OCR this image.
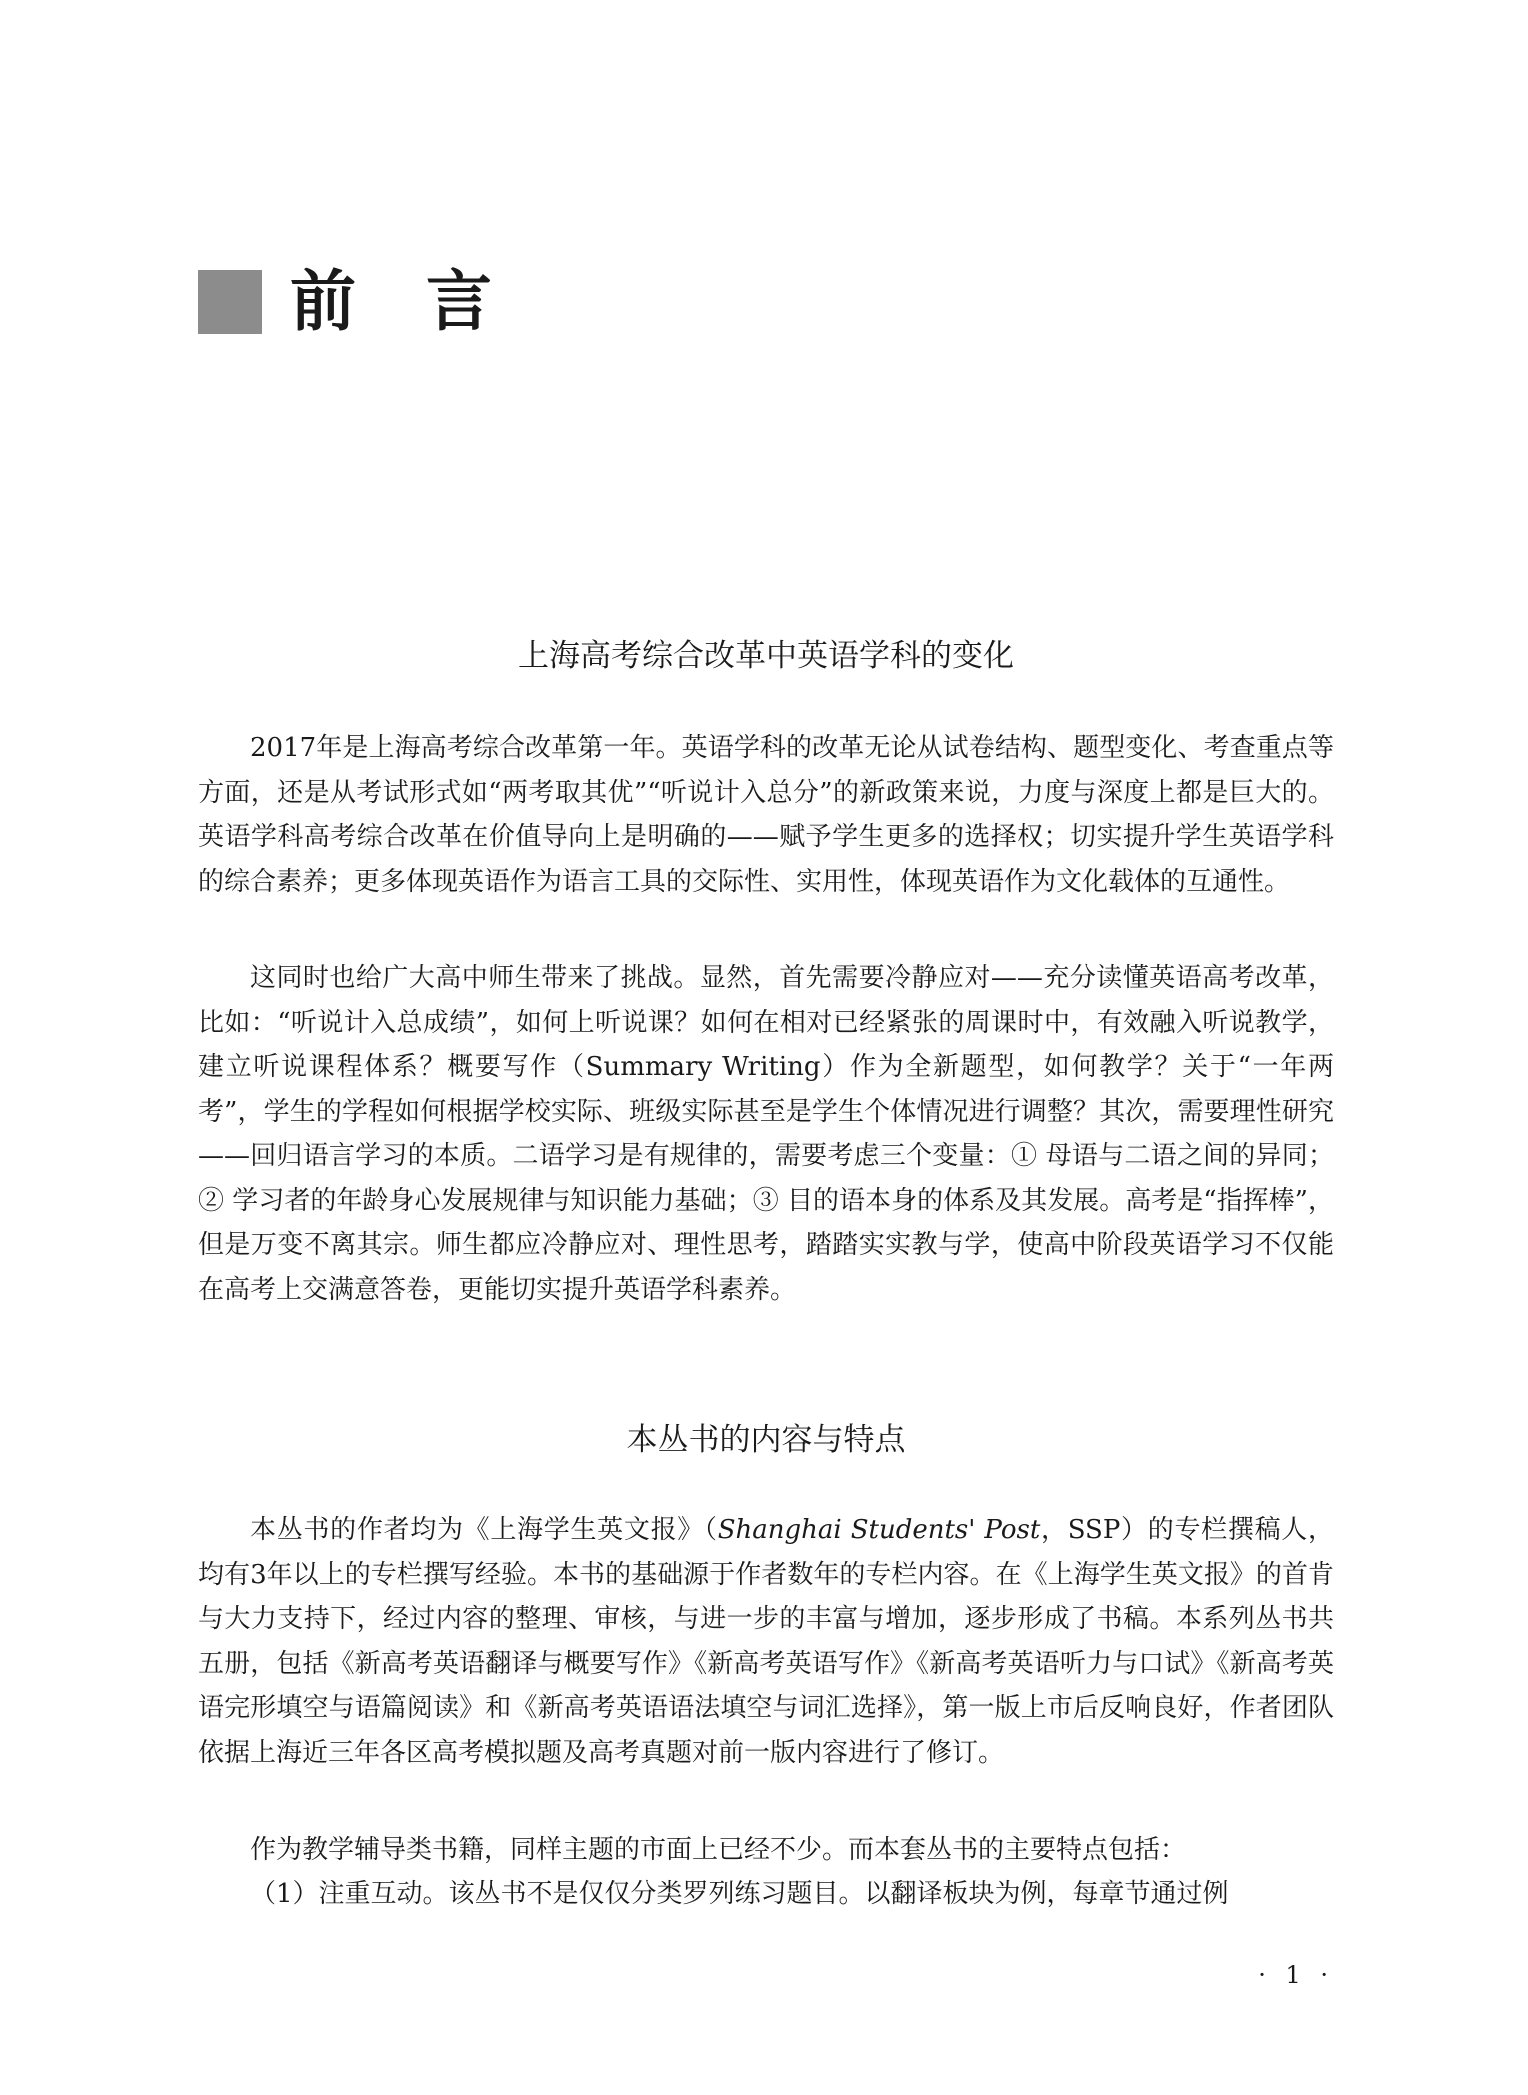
前言
上海高考综合改革中英语学科的变化

2017年是上海高考综合改革第一年。英语学科的改革无论从试卷结构、题型变化、考查重点等方面，还是从考试形式如“两考取其优”“听说计入总分”的新政策来说，力度与深度上都是巨大的。英语学科高考综合改革在价值导向上是明确的——赋予学生更多的选择权；切实提升学生英语学科的综合素养；更多体现英语作为语言工具的交际性、实用性，体现英语作为文化载体的互通性。

这同时也给广大高中师生带来了挑战。显然，首先需要冷静应对——充分读懂英语高考改革，比如：“听说计入总成绩”，如何上听说课？如何在相对已经紧张的周课时中，有效融入听说教学，建立听说课程体系？概要写作（Summary Writing）作为全新题型，如何教学？关于“一年两考”，学生的学程如何根据学校实际、班级实际甚至是学生个体情况进行调整？其次，需要理性研究——回归语言学习的本质。二语学习是有规律的，需要考虑三个变量：① 母语与二语之间的异同；② 学习者的年龄身心发展规律与知识能力基础；③ 目的语本身的体系及其发展。高考是“指挥棒”，但是万变不离其宗。师生都应冷静应对、理性思考，踏踏实实教与学，使高中阶段英语学习不仅能在高考上交满意答卷，更能切实提升英语学科素养。

本丛书的内容与特点

本丛书的作者均为《上海学生英文报》（Shanghai Students' Post，SSP）的专栏撰稿人，均有3年以上的专栏撰写经验。本书的基础源于作者数年的专栏内容。在《上海学生英文报》的首肯与大力支持下，经过内容的整理、审核，与进一步的丰富与增加，逐步形成了书稿。本系列丛书共五册，包括《新高考英语翻译与概要写作》《新高考英语写作》《新高考英语听力与口试》《新高考英语完形填空与语篇阅读》和《新高考英语语法填空与词汇选择》，第一版上市后反响良好，作者团队依据上海近三年各区高考模拟题及高考真题对前一版内容进行了修订。

作为教学辅导类书籍，同样主题的市面上已经不少。而本套丛书的主要特点包括：

（1）注重互动。该丛书不是仅仅分类罗列练习题目。以翻译板块为例，每章节通过例

· 1 ·
